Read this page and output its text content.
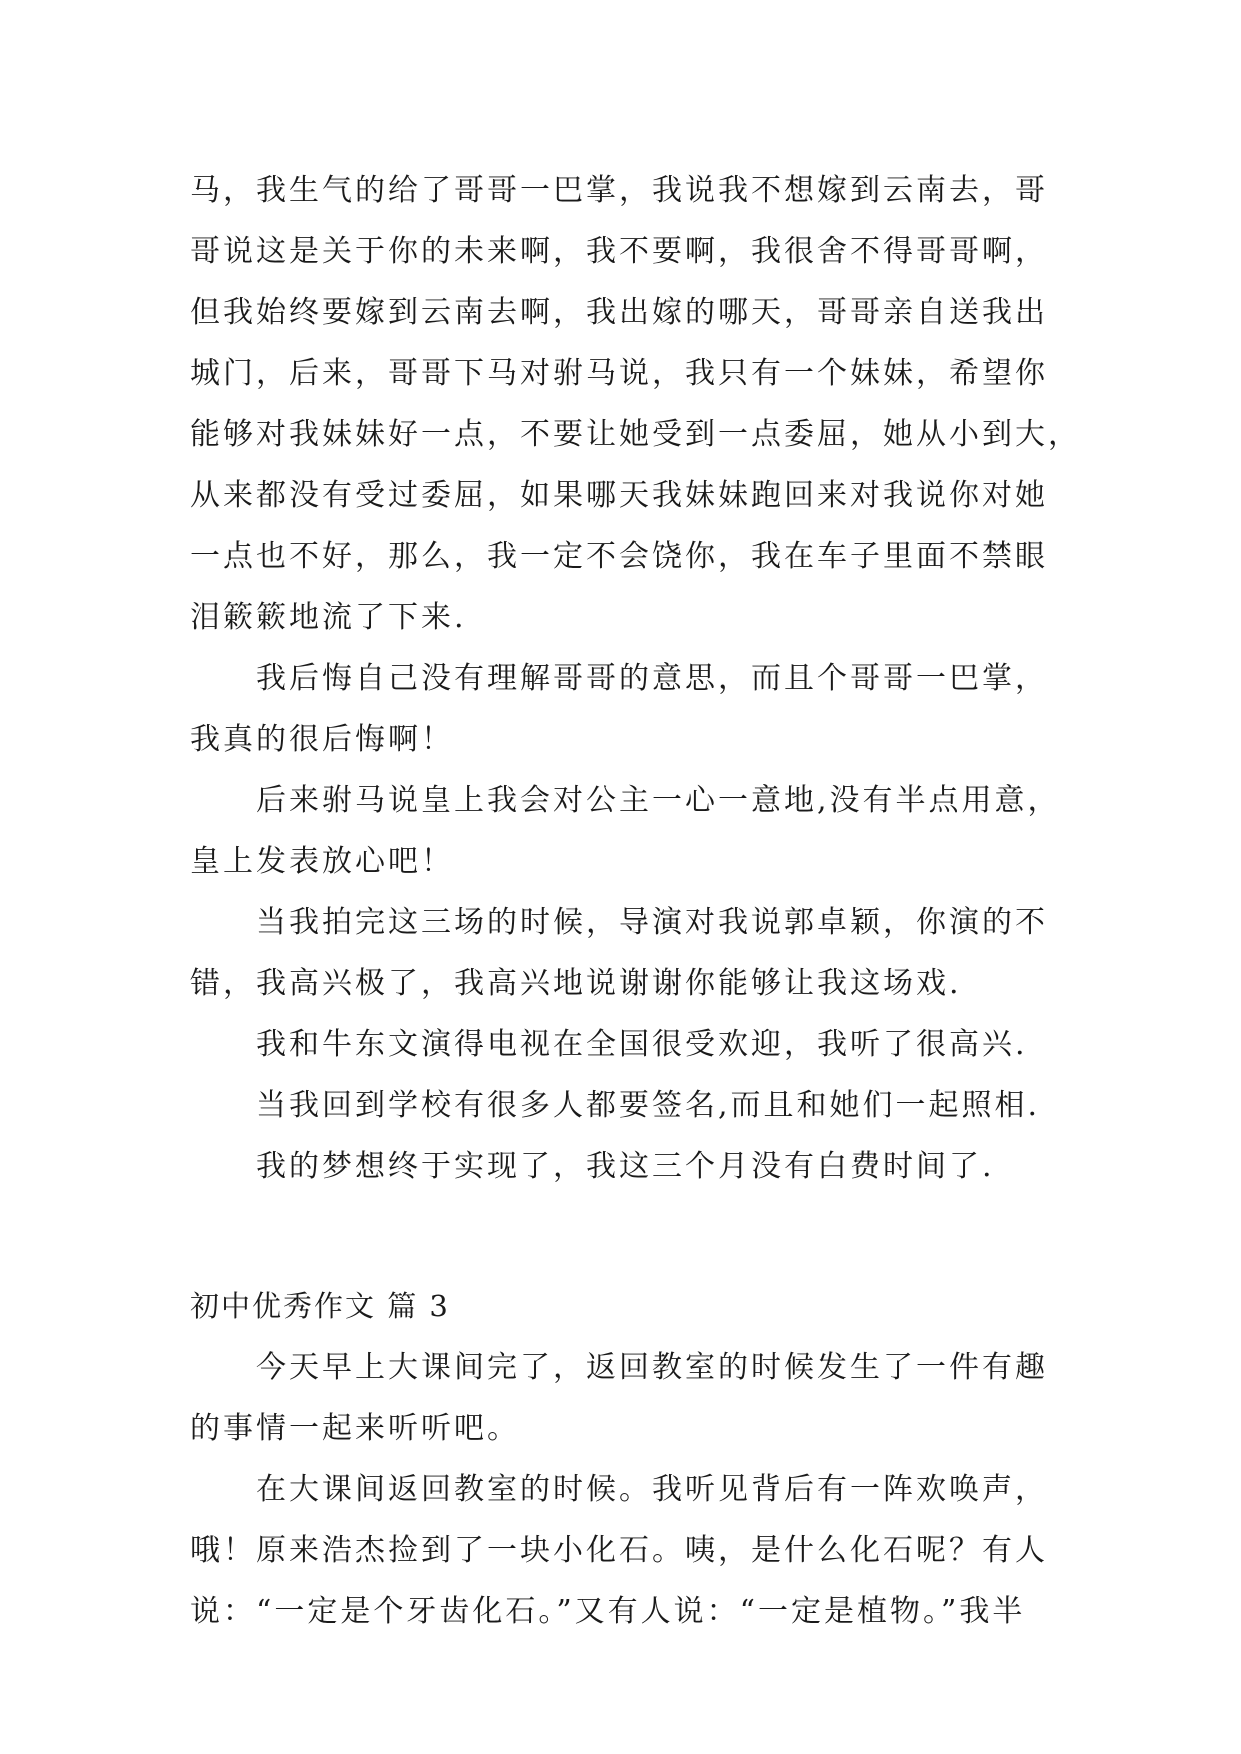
马，我生气的给了哥哥一巴掌，我说我不想嫁到云南去，哥
哥说这是关于你的未来啊，我不要啊，我很舍不得哥哥啊，
但我始终要嫁到云南去啊，我出嫁的哪天，哥哥亲自送我出
城门，后来，哥哥下马对驸马说，我只有一个妹妹，希望你
能够对我妹妹好一点，不要让她受到一点委屈，她从小到大，
从来都没有受过委屈，如果哪天我妹妹跑回来对我说你对她
一点也不好，那么，我一定不会饶你，我在车子里面不禁眼
泪簌簌地流了下来.
我后悔自己没有理解哥哥的意思，而且个哥哥一巴掌，
我真的很后悔啊！
后来驸马说皇上我会对公主一心一意地,没有半点用意，
皇上发表放心吧！
当我拍完这三场的时候，导演对我说郭卓颖，你演的不
错，我高兴极了，我高兴地说谢谢你能够让我这场戏.
我和牛东文演得电视在全国很受欢迎，我听了很高兴.
当我回到学校有很多人都要签名,而且和她们一起照相.
我的梦想终于实现了，我这三个月没有白费时间了.
初中优秀作文 篇 3
今天早上大课间完了，返回教室的时候发生了一件有趣
的事情一起来听听吧。
在大课间返回教室的时候。我听见背后有一阵欢唤声，
哦！原来浩杰捡到了一块小化石。咦，是什么化石呢？有人
说：“一定是个牙齿化石。”又有人说：“一定是植物。”我半
